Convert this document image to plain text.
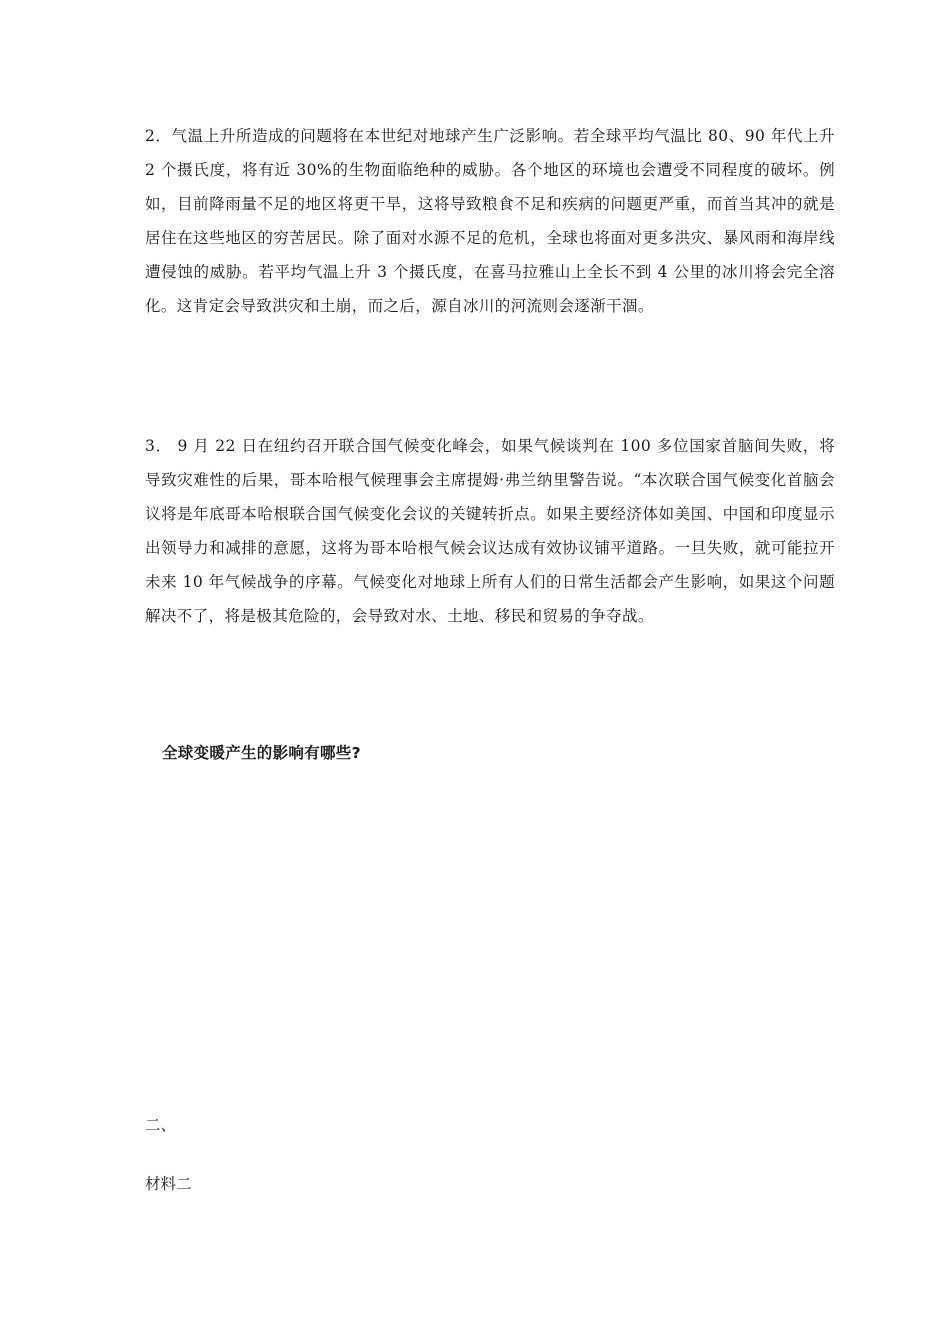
2．气温上升所造成的问题将在本世纪对地球产生广泛影响。若全球平均气温比 80、90 年代上升 2 个摄氏度，将有近 30%的生物面临绝种的威胁。各个地区的环境也会遭受不同程度的破坏。例如，目前降雨量不足的地区将更干旱，这将导致粮食不足和疾病的问题更严重，而首当其冲的就是居住在这些地区的穷苦居民。除了面对水源不足的危机，全球也将面对更多洪灾、暴风雨和海岸线遭侵蚀的威胁。若平均气温上升 3 个摄氏度，在喜马拉雅山上全长不到 4 公里的冰川将会完全溶化。这肯定会导致洪灾和土崩，而之后，源自冰川的河流则会逐渐干涸。

3． 9 月 22 日在纽约召开联合国气候变化峰会，如果气候谈判在 100 多位国家首脑间失败，将导致灾难性的后果，哥本哈根气候理事会主席提姆·弗兰纳里警告说。“本次联合国气候变化首脑会议将是年底哥本哈根联合国气候变化会议的关键转折点。如果主要经济体如美国、中国和印度显示出领导力和减排的意愿，这将为哥本哈根气候会议达成有效协议铺平道路。一旦失败，就可能拉开未来 10 年气候战争的序幕。气候变化对地球上所有人们的日常生活都会产生影响，如果这个问题解决不了，将是极其危险的，会导致对水、土地、移民和贸易的争夺战。

全球变暖产生的影响有哪些?

二、

材料二
